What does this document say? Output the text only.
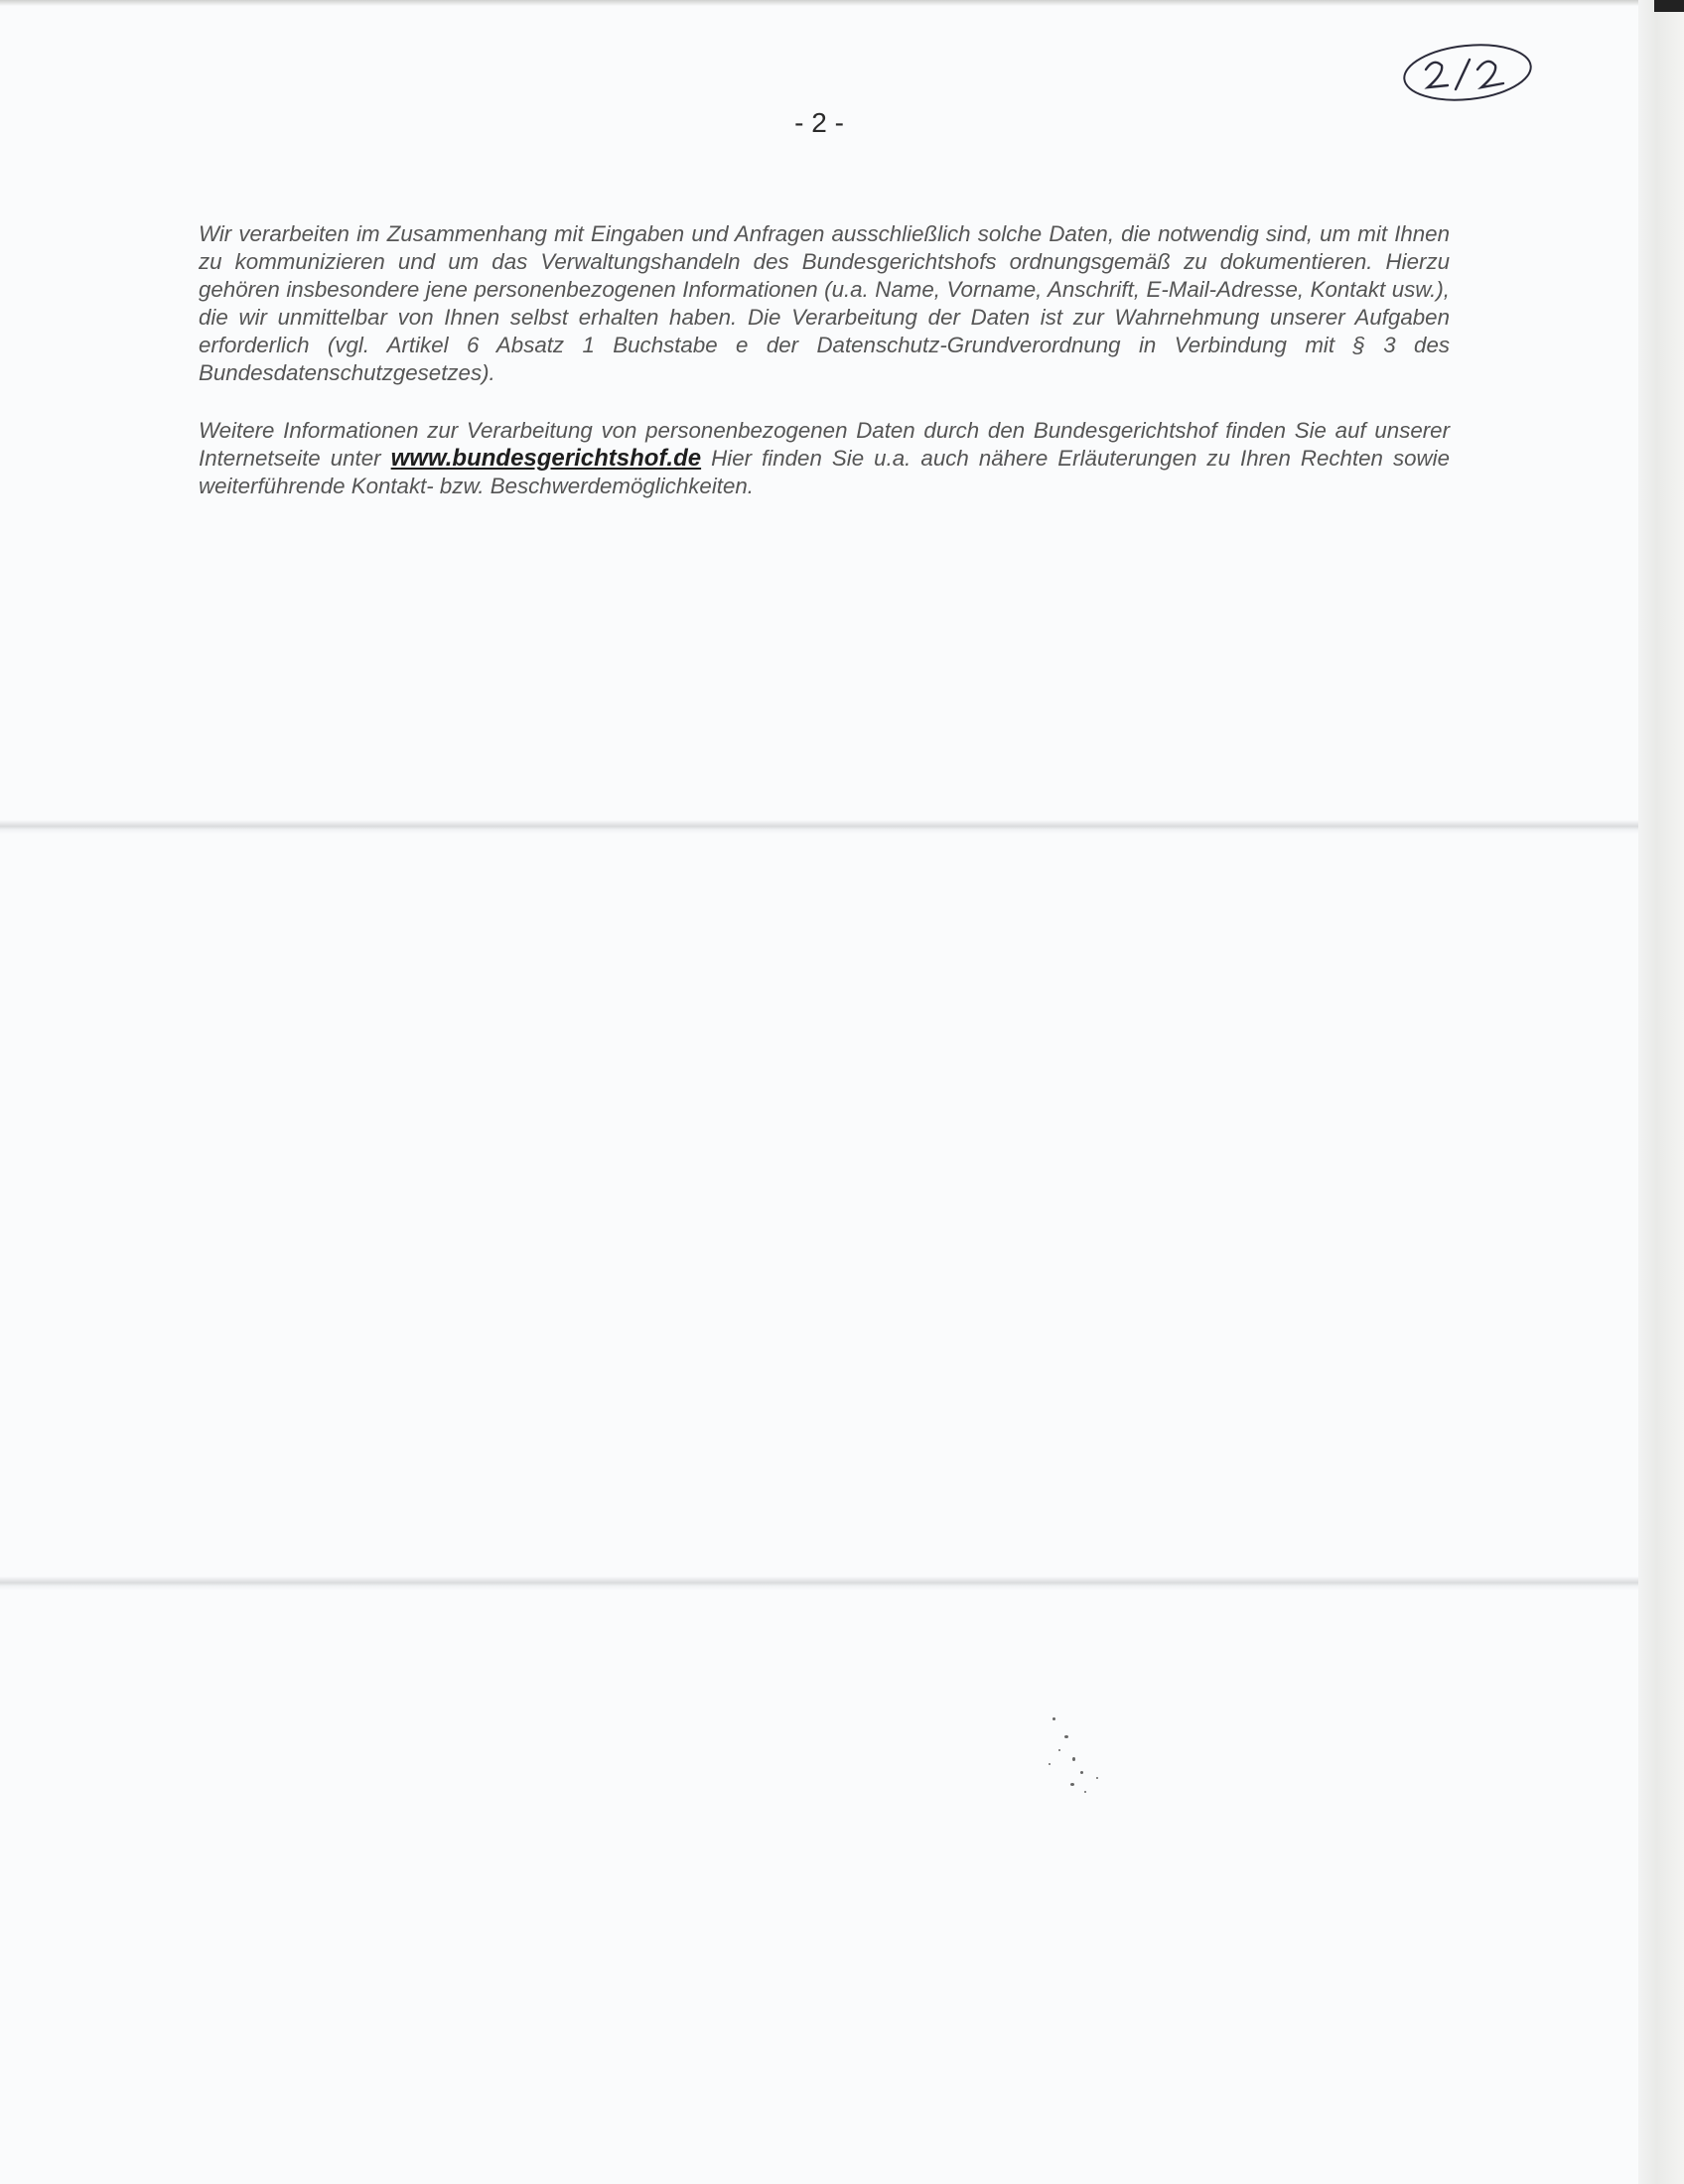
- 2 -

Wir verarbeiten im Zusammenhang mit Eingaben und Anfragen ausschließlich solche Daten, die notwendig sind, um mit Ihnen zu kommunizieren und um das Verwaltungshandeln des Bundesgerichtshofs ordnungsgemäß zu dokumentieren. Hierzu gehören insbesondere jene personenbezogenen Informationen (u.a. Name, Vorname, Anschrift, E-Mail-Adresse, Kontakt usw.), die wir unmittelbar von Ihnen selbst erhalten haben. Die Verarbeitung der Daten ist zur Wahrnehmung unserer Aufgaben erforderlich (vgl. Artikel 6 Absatz 1 Buchstabe e der Datenschutz-Grundverordnung in Verbindung mit § 3 des Bundesdatenschutzgesetzes).

Weitere Informationen zur Verarbeitung von personenbezogenen Daten durch den Bundesgerichtshof finden Sie auf unserer Internetseite unter www.bundesgerichtshof.de Hier finden Sie u.a. auch nähere Erläuterungen zu Ihren Rechten sowie weiterführende Kontakt- bzw. Beschwerdemöglichkeiten.
